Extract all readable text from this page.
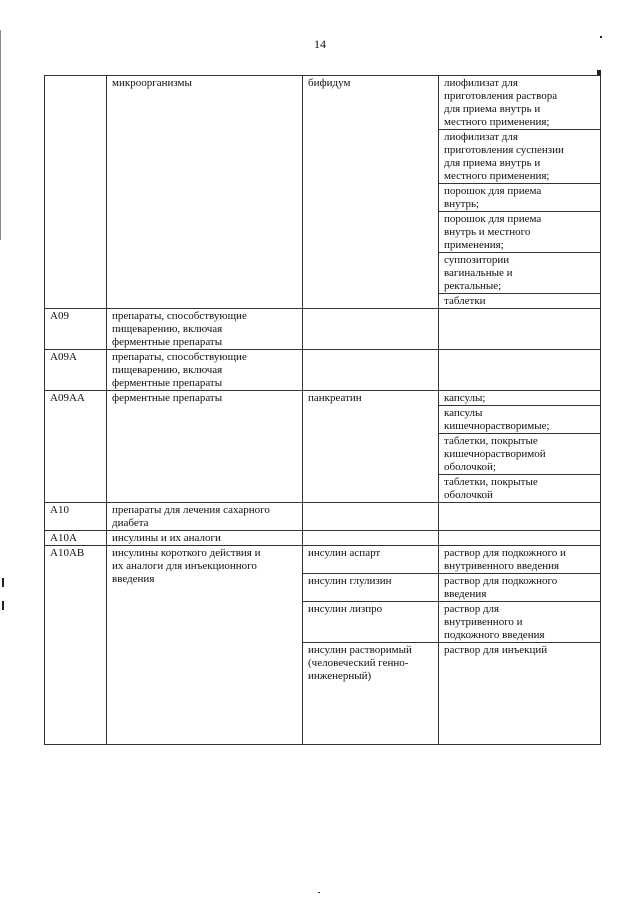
14
	микроорганизмы	бифидум	лиофилизат для
приготовления раствора
для приема внутрь и
местного применения;	
			лиофилизат для
приготовления суспензии
для приема внутрь и
местного применения;	
			порошок для приема
внутрь;	
			порошок для приема
внутрь и местного
применения;	
			суппозитории
вагинальные и
ректальные;	
			таблетки	
A09	препараты, способствующие
пищеварению, включая
ферментные препараты			
A09A	препараты, способствующие
пищеварению, включая
ферментные препараты			
A09AA	ферментные препараты	панкреатин	капсулы;	
			капсулы
кишечнорастворимые;	
			таблетки, покрытые
кишечнорастворимой
оболочкой;	
			таблетки, покрытые
оболочкой	
A10	препараты для лечения сахарного
диабета			
A10A	инсулины и их аналоги			
A10AB	инсулины короткого действия и
их аналоги для инъекционного
введения	инсулин аспарт	раствор для подкожного и
внутривенного введения	
		инсулин глулизин	раствор для подкожного
введения	
		инсулин лизпро	раствор для
внутривенного и
подкожного введения	
		инсулин растворимый
(человеческий генно-
инженерный)	раствор для инъекций	
